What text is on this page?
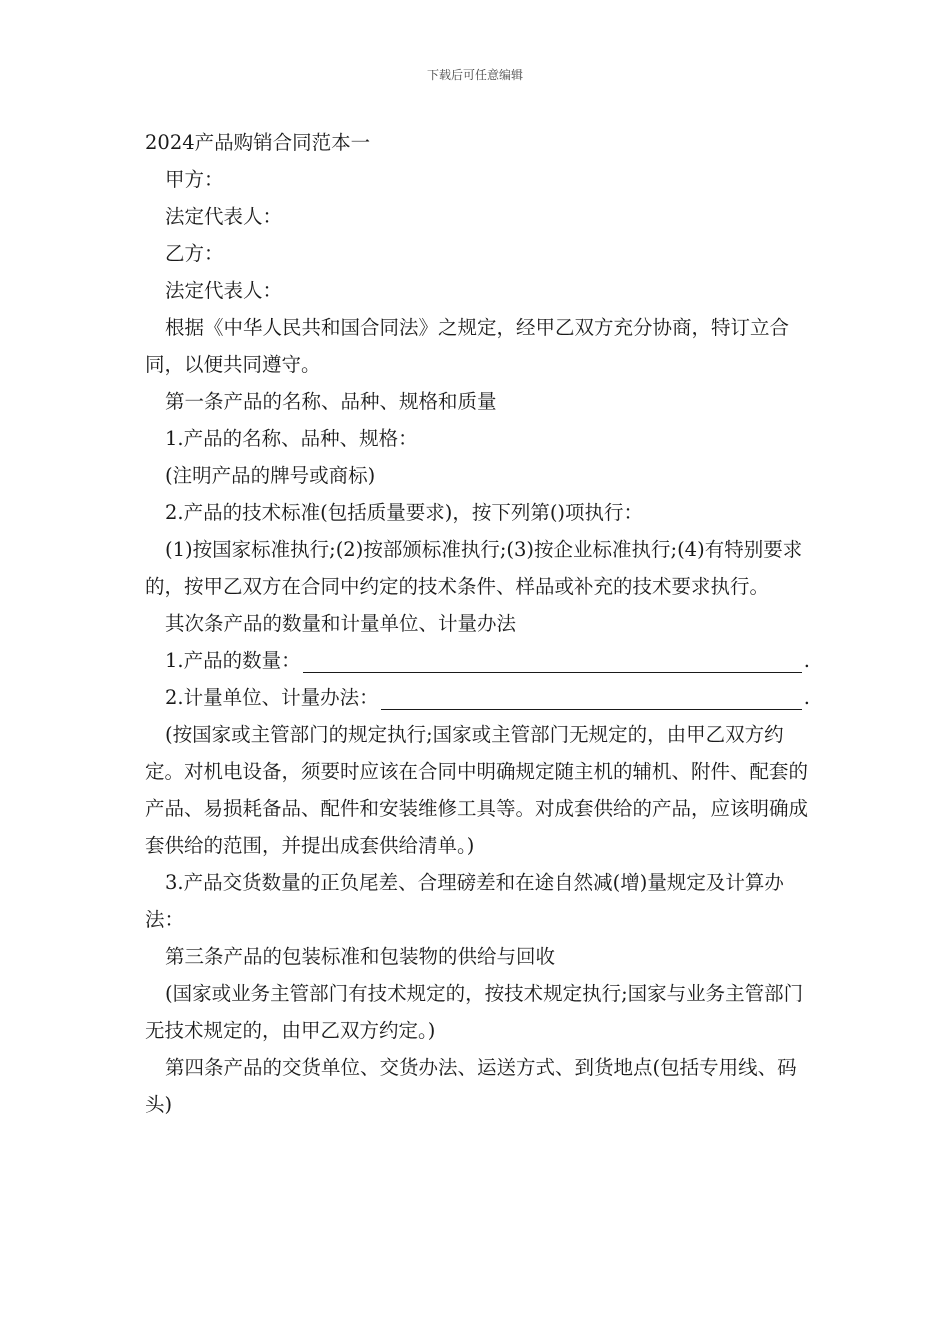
下载后可任意编辑
2024产品购销合同范本一
甲方：
法定代表人：
乙方：
法定代表人：
根据《中华人民共和国合同法》之规定，经甲乙双方充分协商，特订立合同，以便共同遵守。
第一条产品的名称、品种、规格和质量
1.产品的名称、品种、规格：
(注明产品的牌号或商标)
2.产品的技术标准(包括质量要求)，按下列第()项执行：
(1)按国家标准执行;(2)按部颁标准执行;(3)按企业标准执行;(4)有特别要求的，按甲乙双方在合同中约定的技术条件、样品或补充的技术要求执行。
其次条产品的数量和计量单位、计量办法
1.产品的数量：	.
2.计量单位、计量办法：	.
(按国家或主管部门的规定执行;国家或主管部门无规定的，由甲乙双方约定。对机电设备，须要时应该在合同中明确规定随主机的辅机、附件、配套的产品、易损耗备品、配件和安装维修工具等。对成套供给的产品，应该明确成套供给的范围，并提出成套供给清单。)
3.产品交货数量的正负尾差、合理磅差和在途自然减(增)量规定及计算办法：
第三条产品的包装标准和包装物的供给与回收
(国家或业务主管部门有技术规定的，按技术规定执行;国家与业务主管部门无技术规定的，由甲乙双方约定。)
第四条产品的交货单位、交货办法、运送方式、到货地点(包括专用线、码头)
